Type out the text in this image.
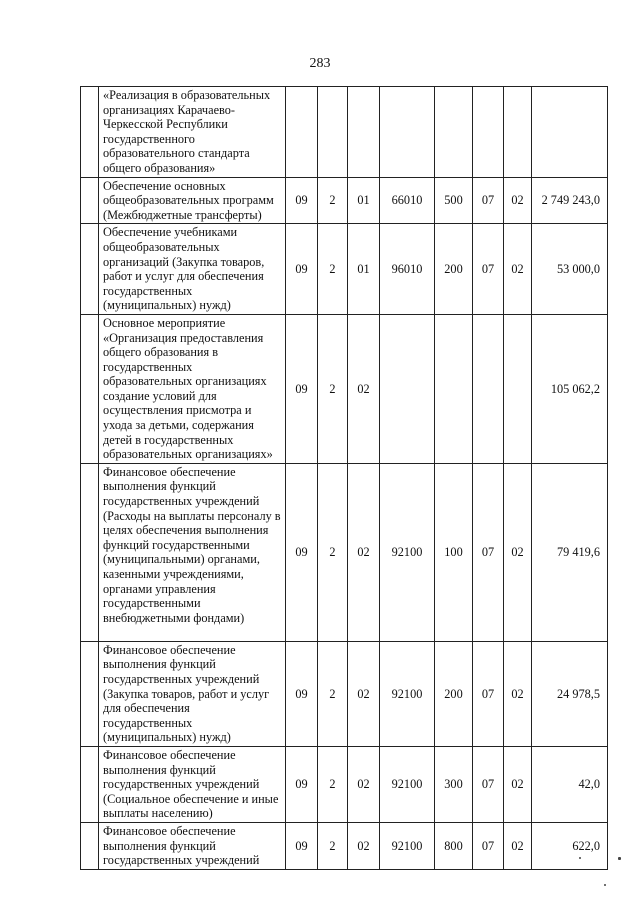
283
	«Реализация в образовательных организациях Карачаево-Черкесской Республики государственного образовательного стандарта общего образования»								
	Обеспечение основных общеобразовательных программ (Межбюджетные трансферты)	09	2	01	66010	500	07	02	2 749 243,0
	Обеспечение учебниками общеобразовательных организаций (Закупка товаров, работ и услуг для обеспечения государственных (муниципальных) нужд)	09	2	01	96010	200	07	02	53 000,0
	Основное мероприятие «Организация предоставления общего образования в государственных образовательных организациях создание условий для осуществления присмотра и ухода за детьми, содержания детей в государственных образовательных организациях»	09	2	02					105 062,2
	Финансовое обеспечение выполнения функций государственных учреждений (Расходы на выплаты персоналу в целях обеспечения выполнения функций государственными (муниципальными) органами, казенными учреждениями, органами управления государственными внебюджетными фондами)	09	2	02	92100	100	07	02	79 419,6
	Финансовое обеспечение выполнения функций государственных учреждений (Закупка товаров, работ и услуг для обеспечения государственных (муниципальных) нужд)	09	2	02	92100	200	07	02	24 978,5
	Финансовое обеспечение выполнения функций государственных учреждений (Социальное обеспечение и иные выплаты населению)	09	2	02	92100	300	07	02	42,0
	Финансовое обеспечение выполнения функций государственных учреждений	09	2	02	92100	800	07	02	622,0
